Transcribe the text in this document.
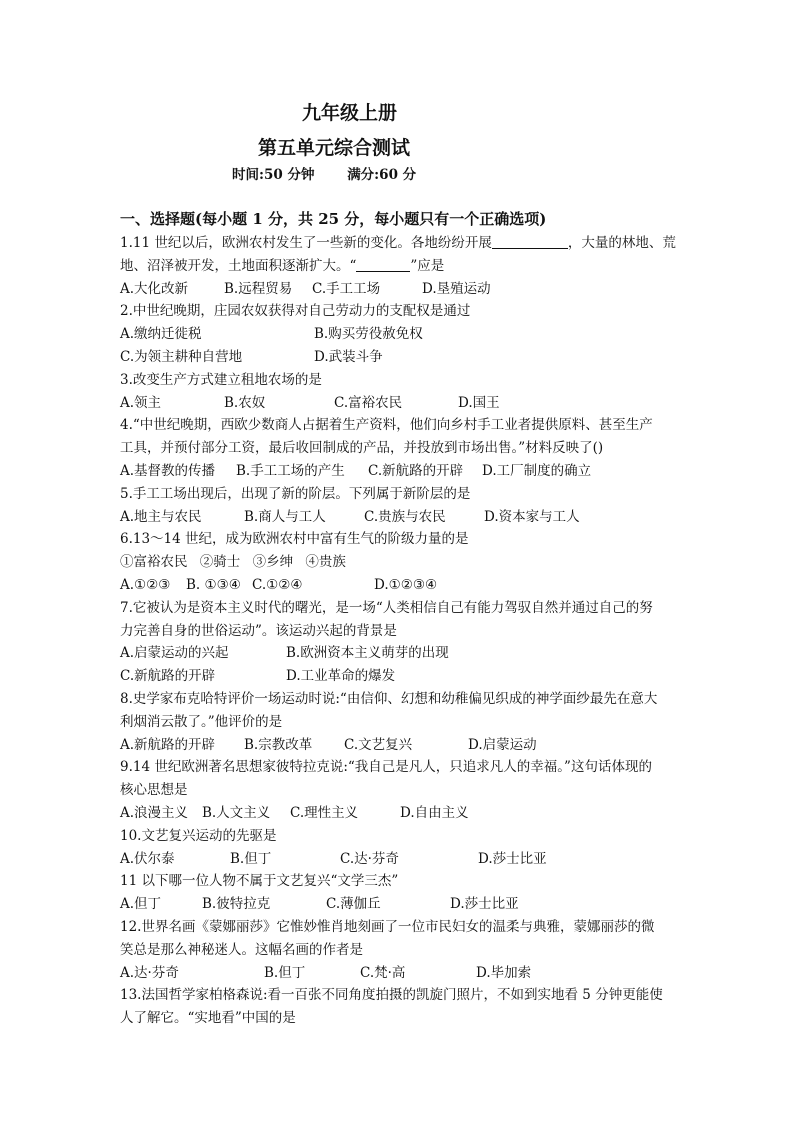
九年级上册
第五单元综合测试
时间:50 分钟 满分:60 分
一、选择题(每小题 1 分，共 25 分，每小题只有一个正确选项)
1.11 世纪以后，欧洲农村发生了一些新的变化。各地纷纷开展	，大量的林地、荒
地、沼泽被开发，土地面积逐渐扩大。“	”应是
A.大化改新	B.远程贸易 C.手工工场	D.垦殖运动
2.中世纪晚期，庄园农奴获得对自己劳动力的支配权是通过
A.缴纳迁徙税	B.购买劳役赦免权
C.为领主耕种自营地	D.武装斗争
3.改变生产方式建立租地农场的是
A.领主	B.农奴	C.富裕农民	D.国王
4.“中世纪晚期，西欧少数商人占据着生产资料，他们向乡村手工业者提供原料、甚至生产
工具，并预付部分工资，最后收回制成的产品，并投放到市场出售。”材料反映了()
A.基督教的传播 B.手工工场的产生 C.新航路的开辟 D.工厂制度的确立
5.手工工场出现后，出现了新的阶层。下列属于新阶层的是
A.地主与农民	B.商人与工人	C.贵族与农民	D.资本家与工人
6.13～14 世纪，成为欧洲农村中富有生气的阶级力量的是
①富裕农民 ②骑士 ③乡绅 ④贵族
A.①②③ B. ①③④ C.①②④	D.①②③④
7.它被认为是资本主义时代的曙光，是一场“人类相信自己有能力驾驭自然并通过自己的努
力完善自身的世俗运动”。该运动兴起的背景是
A.启蒙运动的兴起	B.欧洲资本主义萌芽的出现
C.新航路的开辟	D.工业革命的爆发
8.史学家布克哈特评价一场运动时说:“由信仰、幻想和幼稚偏见织成的神学面纱最先在意大
利烟消云散了。”他评价的是
A.新航路的开辟 B.宗教改革 C.文艺复兴	D.启蒙运动
9.14 世纪欧洲著名思想家彼特拉克说:“我自己是凡人，只追求凡人的幸福。”这句话体现的
核心思想是
A.浪漫主义 B.人文主义 C.理性主义	D.自由主义
10.文艺复兴运动的先驱是
A.伏尔泰	B.但丁	C.达·芬奇	D.莎士比亚
11 以下哪一位人物不属于文艺复兴“文学三杰”
A.但丁	B.彼特拉克	C.薄伽丘	D.莎士比亚
12.世界名画《蒙娜丽莎》它惟妙惟肖地刻画了一位市民妇女的温柔与典雅，蒙娜丽莎的微
笑总是那么神秘迷人。这幅名画的作者是
A.达·芬奇	B.但丁	C.梵·高	D.毕加索
13.法国哲学家柏格森说:看一百张不同角度拍摄的凯旋门照片，不如到实地看 5 分钟更能使
人了解它。“实地看”中国的是
